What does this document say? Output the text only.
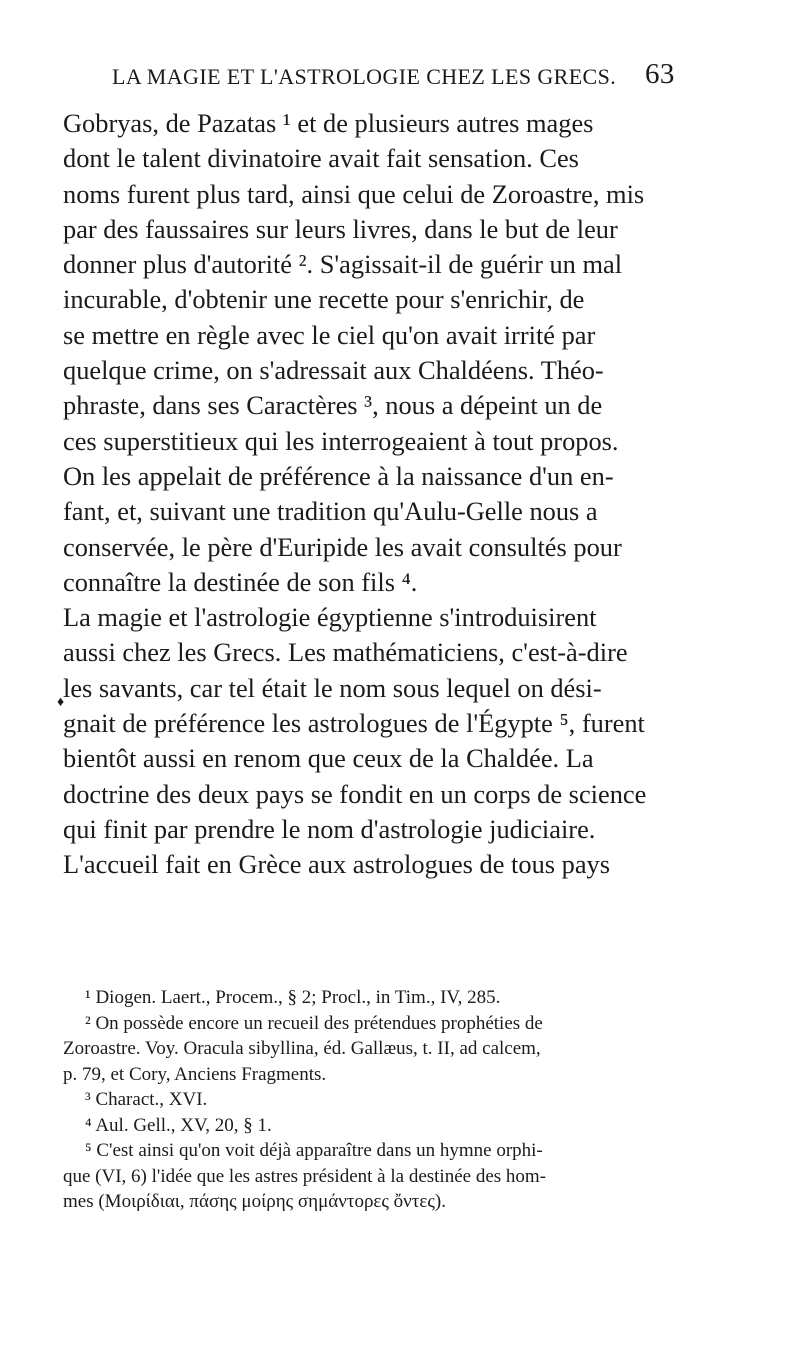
LA MAGIE ET L'ASTROLOGIE CHEZ LES GRECS. 63
Gobryas, de Pazatas ¹ et de plusieurs autres mages
dont le talent divinatoire avait fait sensation. Ces
noms furent plus tard, ainsi que celui de Zoroastre, mis
par des faussaires sur leurs livres, dans le but de leur
donner plus d'autorité ². S'agissait-il de guérir un mal
incurable, d'obtenir une recette pour s'enrichir, de
se mettre en règle avec le ciel qu'on avait irrité par
quelque crime, on s'adressait aux Chaldéens. Théo-
phraste, dans ses Caractères ³, nous a dépeint un de
ces superstitieux qui les interrogeaient à tout propos.
On les appelait de préférence à la naissance d'un en-
fant, et, suivant une tradition qu'Aulu-Gelle nous a
conservée, le père d'Euripide les avait consultés pour
connaître la destinée de son fils ⁴.
La magie et l'astrologie égyptienne s'introduisirent
aussi chez les Grecs. Les mathématiciens, c'est-à-dire
les savants, car tel était le nom sous lequel on dési-
gnait de préférence les astrologues de l'Égypte ⁵, furent
bientôt aussi en renom que ceux de la Chaldée. La
doctrine des deux pays se fondit en un corps de science
qui finit par prendre le nom d'astrologie judiciaire.
L'accueil fait en Grèce aux astrologues de tous pays
♦
¹ Diogen. Laert., Procem., § 2; Procl., in Tim., IV, 285.
² On possède encore un recueil des prétendues prophéties de
Zoroastre. Voy. Oracula sibyllina, éd. Gallæus, t. II, ad calcem,
p. 79, et Cory, Anciens Fragments.
³ Charact., XVI.
⁴ Aul. Gell., XV, 20, § 1.
⁵ C'est ainsi qu'on voit déjà apparaître dans un hymne orphi-
que (VI, 6) l'idée que les astres président à la destinée des hom-
mes (Μοιρίδιαι, πάσης μοίρης σημάντορες ὄντες).
